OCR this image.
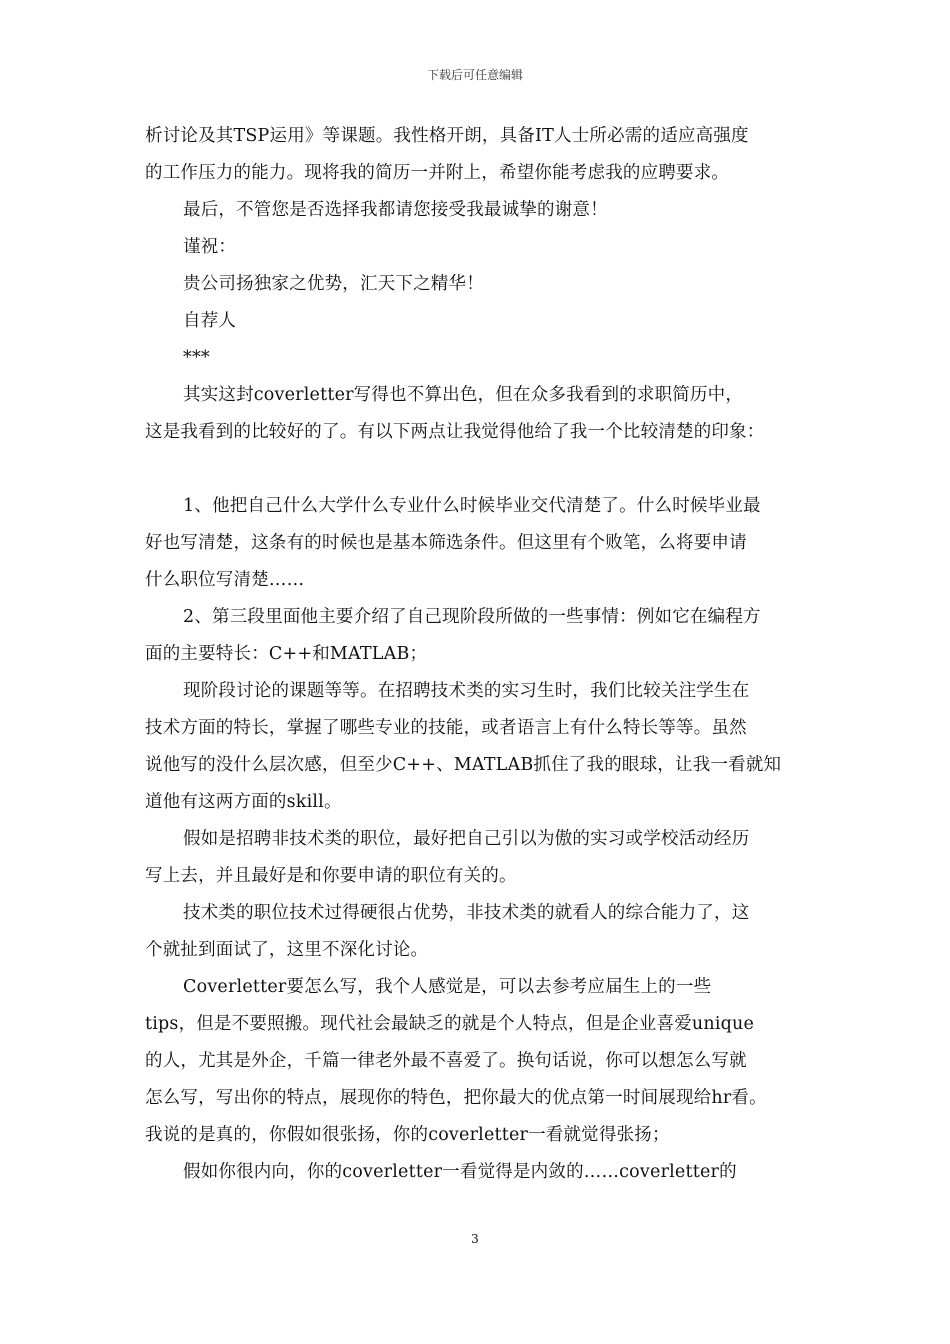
下载后可任意编辑
析讨论及其TSP运用》等课题。我性格开朗，具备IT人士所必需的适应高强度
的工作压力的能力。现将我的简历一并附上，希望你能考虑我的应聘要求。
最后，不管您是否选择我都请您接受我最诚挚的谢意！
谨祝：
贵公司扬独家之优势，汇天下之精华！
自荐人
***
其实这封coverletter写得也不算出色，但在众多我看到的求职简历中，
这是我看到的比较好的了。有以下两点让我觉得他给了我一个比较清楚的印象：
1、他把自己什么大学什么专业什么时候毕业交代清楚了。什么时候毕业最
好也写清楚，这条有的时候也是基本筛选条件。但这里有个败笔，么将要申请
什么职位写清楚……
2、第三段里面他主要介绍了自己现阶段所做的一些事情：例如它在编程方
面的主要特长：C++和MATLAB；
现阶段讨论的课题等等。在招聘技术类的实习生时，我们比较关注学生在
技术方面的特长，掌握了哪些专业的技能，或者语言上有什么特长等等。虽然
说他写的没什么层次感，但至少C++、MATLAB抓住了我的眼球，让我一看就知
道他有这两方面的skill。
假如是招聘非技术类的职位，最好把自己引以为傲的实习或学校活动经历
写上去，并且最好是和你要申请的职位有关的。
技术类的职位技术过得硬很占优势，非技术类的就看人的综合能力了，这
个就扯到面试了，这里不深化讨论。
Coverletter要怎么写，我个人感觉是，可以去参考应届生上的一些
tips，但是不要照搬。现代社会最缺乏的就是个人特点，但是企业喜爱unique
的人，尤其是外企，千篇一律老外最不喜爱了。换句话说，你可以想怎么写就
怎么写，写出你的特点，展现你的特色，把你最大的优点第一时间展现给hr看。
我说的是真的，你假如很张扬，你的coverletter一看就觉得张扬；
假如你很内向，你的coverletter一看觉得是内敛的……coverletter的
3
